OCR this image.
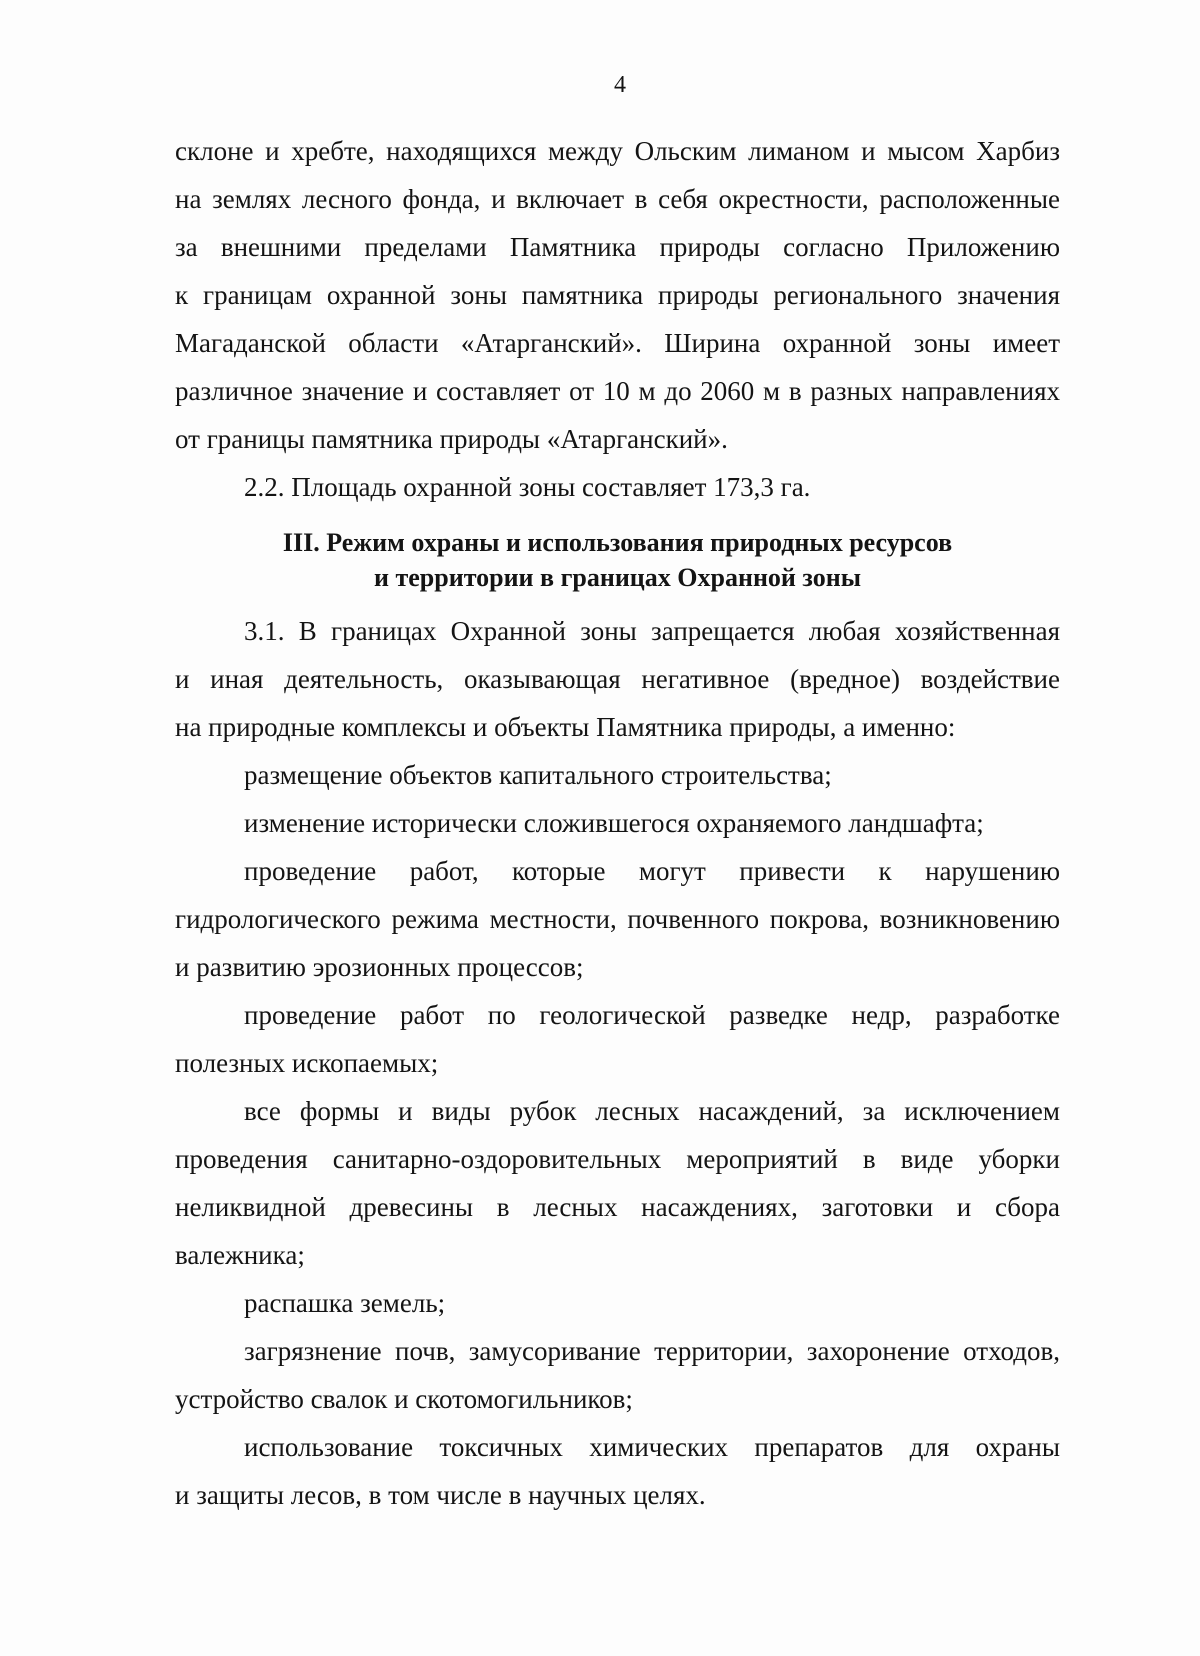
4
склоне и хребте, находящихся между Ольским лиманом и мысом Харбиз
на землях лесного фонда, и включает в себя окрестности, расположенные
за внешними пределами Памятника природы согласно Приложению
к границам охранной зоны памятника природы регионального значения
Магаданской области «Атарганский». Ширина охранной зоны имеет
различное значение и составляет от 10 м до 2060 м в разных направлениях
от границы памятника природы «Атарганский».
2.2. Площадь охранной зоны составляет 173,3 га.
III. Режим охраны и использования природных ресурсов
и территории в границах Охранной зоны
3.1. В границах Охранной зоны запрещается любая хозяйственная
и иная деятельность, оказывающая негативное (вредное) воздействие
на природные комплексы и объекты Памятника природы, а именно:
размещение объектов капитального строительства;
изменение исторически сложившегося охраняемого ландшафта;
проведение работ, которые могут привести к нарушению
гидрологического режима местности, почвенного покрова, возникновению
и развитию эрозионных процессов;
проведение работ по геологической разведке недр, разработке
полезных ископаемых;
все формы и виды рубок лесных насаждений, за исключением
проведения санитарно-оздоровительных мероприятий в виде уборки
неликвидной древесины в лесных насаждениях, заготовки и сбора
валежника;
распашка земель;
загрязнение почв, замусоривание территории, захоронение отходов,
устройство свалок и скотомогильников;
использование токсичных химических препаратов для охраны
и защиты лесов, в том числе в научных целях.
